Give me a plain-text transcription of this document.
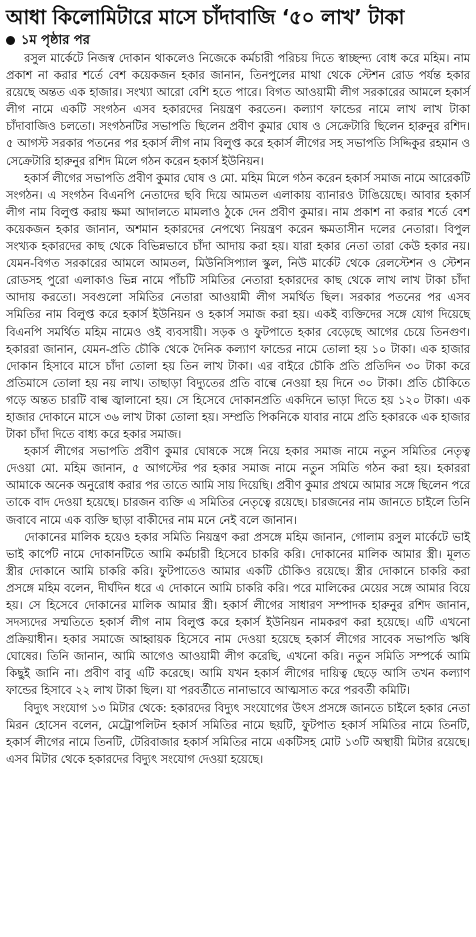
আধা কিলোমিটারে মাসে চাঁদাবাজি ‘৫০ লাখ’ টাকা
১ম পৃষ্ঠার পর

রসুল মার্কেটে নিজস্ব দোকান থাকলেও নিজেকে কর্মচারী পরিচয় দিতে স্বাচ্ছন্দ্য বোধ করে মহিম। নাম প্রকাশ না করার শর্তে বেশ কয়েকজন হকার জানান, তিনপুলের মাথা থেকে স্টেশন রোড পর্যন্ত হকার রয়েছে অন্তত এক হাজার। সংখ্যা আরো বেশি হতে পারে। বিগত আওয়ামী লীগ সরকারের আমলে হকার্স লীগ নামে একটি সংগঠন এসব হকারদের নিয়ন্ত্রণ করতেন। কল্যাণ ফান্ডের নামে লাখ লাখ টাকা চাঁদাবাজিও চলতো। সংগঠনটির সভাপতি ছিলেন প্রবীণ কুমার ঘোষ ও সেক্রেটারি ছিলেন হারুনুর রশিদ। ৫ আগস্ট সরকার পতনের পর হকার্স লীগ নাম বিলুপ্ত করে হকার্স লীগের সহ সভাপতি সিদ্দিকুর রহমান ও সেক্রেটারি হারুনুর রশিদ মিলে গঠন করেন হকার্স ইউনিয়ন।

হকার্স লীগের সভাপতি প্রবীণ কুমার ঘোষ ও মো. মহিম মিলে গঠন করেন হকার্স সমাজ নামে আরেকটি সংগঠন। এ সংগঠন বিএনপি নেতাদের ছবি দিয়ে আমতল এলাকায় ব্যানারও টাঙিয়েছে। আবার হকার্স লীগ নাম বিলুপ্ত করায় ক্ষমা আদালতে মামলাও ঠুকে দেন প্রবীণ কুমার। নাম প্রকাশ না করার শর্তে বেশ কয়েকজন হকার জানান, অশমান হকারদের নেপথ্যে নিয়ন্ত্রণ করেন ক্ষমতাসীন দলের নেতারা। বিপুল সংখ্যক হকারদের কাছ থেকে বিভিন্নভাবে চাঁদা আদায় করা হয়। যারা হকার নেতা তারা কেউ হকার নয়। যেমন-বিগত সরকারের আমলে আমতল, মিউনিসিপ্যাল স্কুল, নিউ মার্কেট থেকে রেলস্টেশন ও স্টেশন রোডসহ পুরো এলাকাও ভিন্ন নামে পাঁচটি সমিতির নেতারা হকারদের কাছ থেকে লাখ লাখ টাকা চাঁদা আদায় করতো। সবগুলো সমিতির নেতারা আওয়ামী লীগ সমর্থিত ছিল। সরকার পতনের পর এসব সমিতির নাম বিলুপ্ত করে হকার্স ইউনিয়ন ও হকার্স সমাজ করা হয়। একই ব্যক্তিদের সঙ্গে যোগ দিয়েছে বিএনপি সমর্থিত মহিম নামেও ওই ব্যবসায়ী। সড়ক ও ফুটপাতে হকার বেড়েছে আগের চেয়ে তিনগুণ। হকাররা জানান, যেমন-প্রতি চৌকি থেকে দৈনিক কল্যাণ ফান্ডের নামে তোলা হয় ১০ টাকা। এক হাজার দোকান হিসাবে মাসে চাঁদা তোলা হয় তিন লাখ টাকা। এর বাইরে চৌকি প্রতি প্রতিদিন ৩০ টাকা করে প্রতিমাসে তোলা হয় নয় লাখ। তাছাড়া বিদ্যুতের প্রতি বাল্বে নেওয়া হয় দিনে ৩০ টাকা। প্রতি চৌকিতে গড়ে অন্তত চারটি বাল্ব জ্বালানো হয়। সে হিসেবে দোকানপ্রতি একদিনে ভাড়া দিতে হয় ১২০ টাকা। এক হাজার দোকানে মাসে ৩৬ লাখ টাকা তোলা হয়। সম্প্রতি পিকনিকে যাবার নামে প্রতি হকারকে এক হাজার টাকা চাঁদা দিতে বাধ্য করে হকার সমাজ।

হকার্স লীগের সভাপতি প্রবীণ কুমার ঘোষকে সঙ্গে নিয়ে হকার সমাজ নামে নতুন সমিতির নেতৃত্ব দেওয়া মো. মহিম জানান, ৫ আগস্টের পর হকার সমাজ নামে নতুন সমিতি গঠন করা হয়। হকাররা আমাকে অনেক অনুরোধ করার পর তাতে আমি সায় দিয়েছি। প্রবীণ কুমার প্রথমে আমার সঙ্গে ছিলেন পরে তাকে বাদ দেওয়া হয়েছে। চারজন ব্যক্তি এ সমিতির নেতৃত্বে রয়েছে। চারজনের নাম জানতে চাইলে তিনি জবাবে নামে এক ব্যক্তি ছাড়া বাকীদের নাম মনে নেই বলে জানান।

দোকানের মালিক হয়েও হকার সমিতি নিয়ন্ত্রণ করা প্রসঙ্গে মহিম জানান, গোলাম রসুল মার্কেটে ভাই ভাই কার্পেট নামে দোকানটিতে আমি কর্মচারী হিসেবে চাকরি করি। দোকানের মালিক আমার স্ত্রী। মূলত স্ত্রীর দোকানে আমি চাকরি করি। ফুটপাতেও আমার একটি চৌকিও রয়েছে। স্ত্রীর দোকানে চাকরি করা প্রসঙ্গে মহিম বলেন, দীর্ঘদিন ধরে এ দোকানে আমি চাকরি করি। পরে মালিকের মেয়ের সঙ্গে আমার বিয়ে হয়। সে হিসেবে দোকানের মালিক আমার স্ত্রী। হকার্স লীগের সাধারণ সম্পাদক হারুনুর রশিদ জানান, সদস্যদের সম্মতিতে হকার্স লীগ নাম বিলুপ্ত করে হকার্স ইউনিয়ন নামকরণ করা হয়েছে। এটি এখনো প্রক্রিয়াধীন। হকার সমাজে আহ্বায়ক হিসেবে নাম দেওয়া হয়েছে হকার্স লীগের সাবেক সভাপতি ঋষি ঘোষের। তিনি জানান, আমি আগেও আওয়ামী লীগ করেছি, এখনো করি। নতুন সমিতি সম্পর্কে আমি কিছুই জানি না। প্রবীণ বাবু এটি করেছে। আমি যখন হকার্স লীগের দায়িত্ব ছেড়ে আসি তখন কল্যাণ ফান্ডের হিসাবে ২২ লাখ টাকা ছিল। যা পরবর্তীতে নানাভাবে আত্মসাত করে পরবর্তী কমিটি।

বিদ্যুৎ সংযোগ ১৩ মিটার থেকে: হকারদের বিদ্যুৎ সংযোগের উৎস প্রসঙ্গে জানতে চাইলে হকার নেতা মিরন হোসেন বলেন, মেট্রোপলিটন হকার্স সমিতির নামে ছয়টি, ফুটপাত হকার্স সমিতির নামে তিনটি, হকার্স লীগের নামে তিনটি, টেরিবাজার হকার্স সমিতির নামে একটিসহ মোট ১৩টি অস্থায়ী মিটার রয়েছে। এসব মিটার থেকে হকারদের বিদ্যুৎ সংযোগ দেওয়া হয়েছে।
